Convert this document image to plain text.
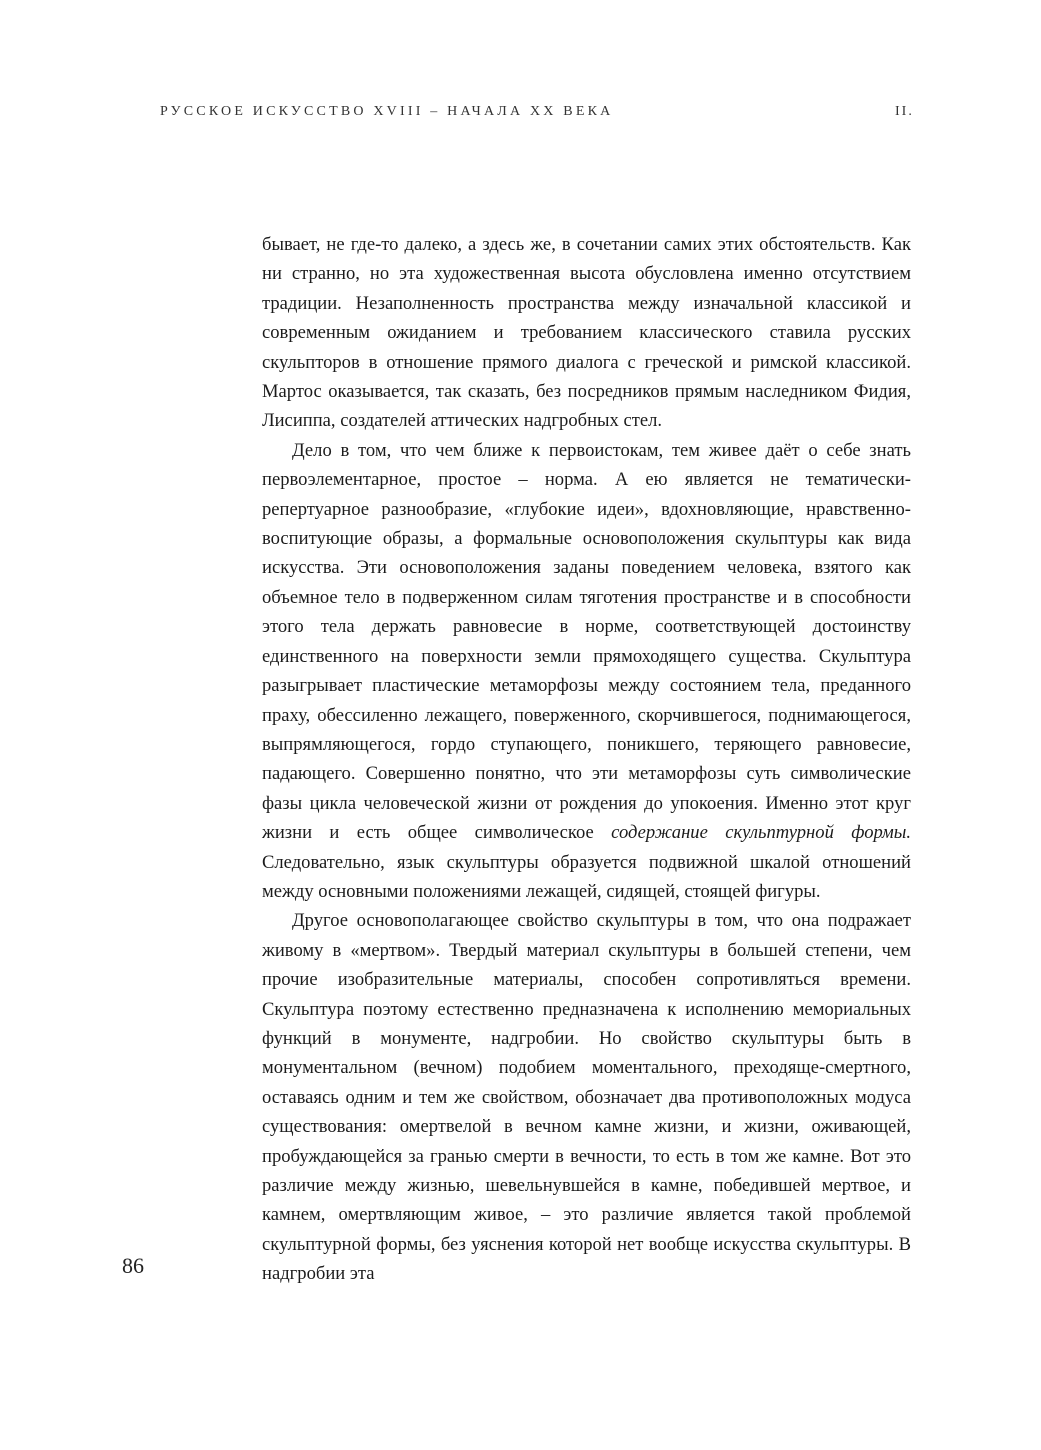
РУССКОЕ ИСКУССТВО XVIII – НАЧАЛА XX ВЕКА	II.

бывает, не где-то далеко, а здесь же, в сочетании самих этих обстоятельств. Как ни странно, но эта художественная высота обусловлена именно отсутствием традиции. Незаполненность пространства между изначальной классикой и современным ожиданием и требованием классического ставила русских скульпторов в отношение прямого диалога с греческой и римской классикой. Мартос оказывается, так сказать, без посредников прямым наследником Фидия, Лисиппа, создателей аттических надгробных стел.

Дело в том, что чем ближе к первоистокам, тем живее даёт о себе знать первоэлементарное, простое – норма. А ею является не тематически-репертуарное разнообразие, «глубокие идеи», вдохновляющие, нравственно-воспитующие образы, а формальные основоположения скульптуры как вида искусства. Эти основоположения заданы поведением человека, взятого как объемное тело в подверженном силам тяготения пространстве и в способности этого тела держать равновесие в норме, соответствующей достоинству единственного на поверхности земли прямоходящего существа. Скульптура разыгрывает пластические метаморфозы между состоянием тела, преданного праху, обессиленно лежащего, поверженного, скорчившегося, поднимающегося, выпрямляющегося, гордо ступающего, поникшего, теряющего равновесие, падающего. Совершенно понятно, что эти метаморфозы суть символические фазы цикла человеческой жизни от рождения до упокоения. Именно этот круг жизни и есть общее символическое содержание скульптурной формы. Следовательно, язык скульптуры образуется подвижной шкалой отношений между основными положениями лежащей, сидящей, стоящей фигуры.

Другое основополагающее свойство скульптуры в том, что она подражает живому в «мертвом». Твердый материал скульптуры в большей степени, чем прочие изобразительные материалы, способен сопротивляться времени. Скульптура поэтому естественно предназначена к исполнению мемориальных функций в монументе, надгробии. Но свойство скульптуры быть в монументальном (вечном) подобием моментального, преходяще-смертного, оставаясь одним и тем же свойством, обозначает два противоположных модуса существования: омертвелой в вечном камне жизни, и жизни, оживающей, пробуждающейся за гранью смерти в вечности, то есть в том же камне. Вот это различие между жизнью, шевельнувшейся в камне, победившей мертвое, и камнем, омертвляющим живое, – это различие является такой проблемой скульптурной формы, без уяснения которой нет вообще искусства скульптуры. В надгробии эта

86
